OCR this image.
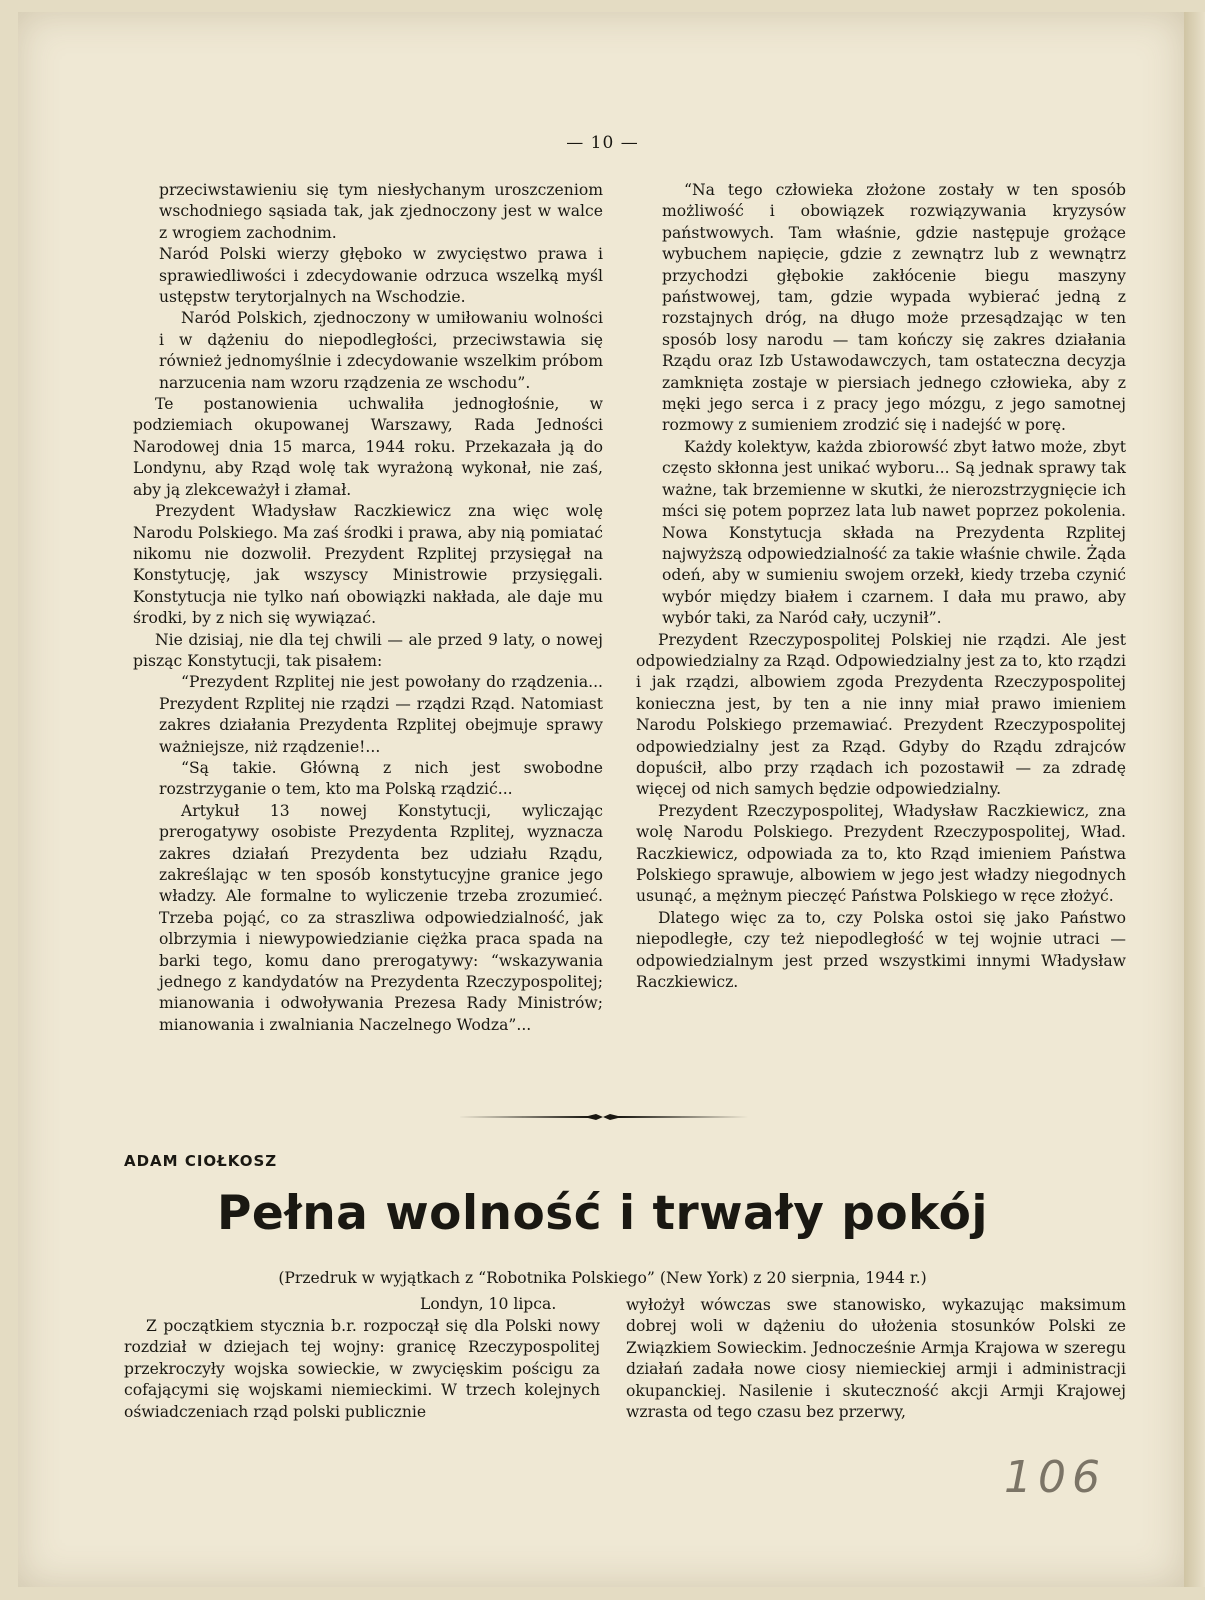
— 10 —

przeciwstawieniu się tym niesłychanym uroszczeniom wschodniego sąsiada tak, jak zjednoczony jest w walce z wrogiem zachodnim.

Naród Polski wierzy głęboko w zwycięstwo prawa i sprawiedliwości i zdecydowanie odrzuca wszelką myśl ustępstw terytorjalnych na Wschodzie.

Naród Polskich, zjednoczony w umiłowaniu wolności i w dążeniu do niepodległości, przeciwstawia się również jednomyślnie i zdecydowanie wszelkim próbom narzucenia nam wzoru rządzenia ze wschodu”.

Te postanowienia uchwaliła jednogłośnie, w podziemiach okupowanej Warszawy, Rada Jedności Narodowej dnia 15 marca, 1944 roku. Przekazała ją do Londynu, aby Rząd wolę tak wyrażoną wykonał, nie zaś, aby ją zlekceważył i złamał.

Prezydent Władysław Raczkiewicz zna więc wolę Narodu Polskiego. Ma zaś środki i prawa, aby nią pomiatać nikomu nie dozwolił. Prezydent Rzplitej przysięgał na Konstytucję, jak wszyscy Ministrowie przysięgali. Konstytucja nie tylko nań obowiązki nakłada, ale daje mu środki, by z nich się wywiązać.

Nie dzisiaj, nie dla tej chwili — ale przed 9 laty, o nowej pisząc Konstytucji, tak pisałem:

“Prezydent Rzplitej nie jest powołany do rządzenia... Prezydent Rzplitej nie rządzi — rządzi Rząd. Natomiast zakres działania Prezydenta Rzplitej obejmuje sprawy ważniejsze, niż rządzenie!...

“Są takie. Główną z nich jest swobodne rozstrzyganie o tem, kto ma Polską rządzić...

Artykuł 13 nowej Konstytucji, wyliczając prerogatywy osobiste Prezydenta Rzplitej, wyznacza zakres działań Prezydenta bez udziału Rządu, zakreślając w ten sposób konstytucyjne granice jego władzy. Ale formalne to wyliczenie trzeba zrozumieć. Trzeba pojąć, co za straszliwa odpowiedzialność, jak olbrzymia i niewypowiedzianie ciężka praca spada na barki tego, komu dano prerogatywy: “wskazywania jednego z kandydatów na Prezydenta Rzeczypospolitej; mianowania i odwoływania Prezesa Rady Ministrów; mianowania i zwalniania Naczelnego Wodza”...

“Na tego człowieka złożone zostały w ten sposób możliwość i obowiązek rozwiązywania kryzysów państwowych. Tam właśnie, gdzie następuje grożące wybuchem napięcie, gdzie z zewnątrz lub z wewnątrz przychodzi głębokie zakłócenie biegu maszyny państwowej, tam, gdzie wypada wybierać jedną z rozstajnych dróg, na długo może przesądzając w ten sposób losy narodu — tam kończy się zakres działania Rządu oraz Izb Ustawodawczych, tam ostateczna decyzja zamknięta zostaje w piersiach jednego człowieka, aby z męki jego serca i z pracy jego mózgu, z jego samotnej rozmowy z sumieniem zrodzić się i nadejść w porę.

Każdy kolektyw, każda zbiorowść zbyt łatwo może, zbyt często skłonna jest unikać wyboru... Są jednak sprawy tak ważne, tak brzemienne w skutki, że nierozstrzygnięcie ich mści się potem poprzez lata lub nawet poprzez pokolenia. Nowa Konstytucja składa na Prezydenta Rzplitej najwyższą odpowiedzialność za takie właśnie chwile. Żąda odeń, aby w sumieniu swojem orzekł, kiedy trzeba czynić wybór między białem i czarnem. I dała mu prawo, aby wybór taki, za Naród cały, uczynił”.

Prezydent Rzeczypospolitej Polskiej nie rządzi. Ale jest odpowiedzialny za Rząd. Odpowiedzialny jest za to, kto rządzi i jak rządzi, albowiem zgoda Prezydenta Rzeczypospolitej konieczna jest, by ten a nie inny miał prawo imieniem Narodu Polskiego przemawiać. Prezydent Rzeczypospolitej odpowiedzialny jest za Rząd. Gdyby do Rządu zdrajców dopuścił, albo przy rządach ich pozostawił — za zdradę więcej od nich samych będzie odpowiedzialny.

Prezydent Rzeczypospolitej, Władysław Raczkiewicz, zna wolę Narodu Polskiego. Prezydent Rzeczypospolitej, Wład. Raczkiewicz, odpowiada za to, kto Rząd imieniem Państwa Polskiego sprawuje, albowiem w jego jest władzy niegodnych usunąć, a mężnym pieczęć Państwa Polskiego w ręce złożyć.

Dlatego więc za to, czy Polska ostoi się jako Państwo niepodległe, czy też niepodległość w tej wojnie utraci — odpowiedzialnym jest przed wszystkimi innymi Władysław Raczkiewicz.

ADAM CIOŁKOSZ
Pełna wolność i trwały pokój
(Przedruk w wyjątkach z “Robotnika Polskiego” (New York) z 20 sierpnia, 1944 r.)
Londyn, 10 lipca.

Z początkiem stycznia b.r. rozpoczął się dla Polski nowy rozdział w dziejach tej wojny: granicę Rzeczypospolitej przekroczyły wojska sowieckie, w zwycięskim pościgu za cofającymi się wojskami niemieckimi. W trzech kolejnych oświadczeniach rząd polski publicznie

wyłożył wówczas swe stanowisko, wykazując maksimum dobrej woli w dążeniu do ułożenia stosunków Polski ze Związkiem Sowieckim. Jednocześnie Armja Krajowa w szeregu działań zadała nowe ciosy niemieckiej armji i administracji okupanckiej. Nasilenie i skuteczność akcji Armji Krajowej wzrasta od tego czasu bez przerwy,

106
